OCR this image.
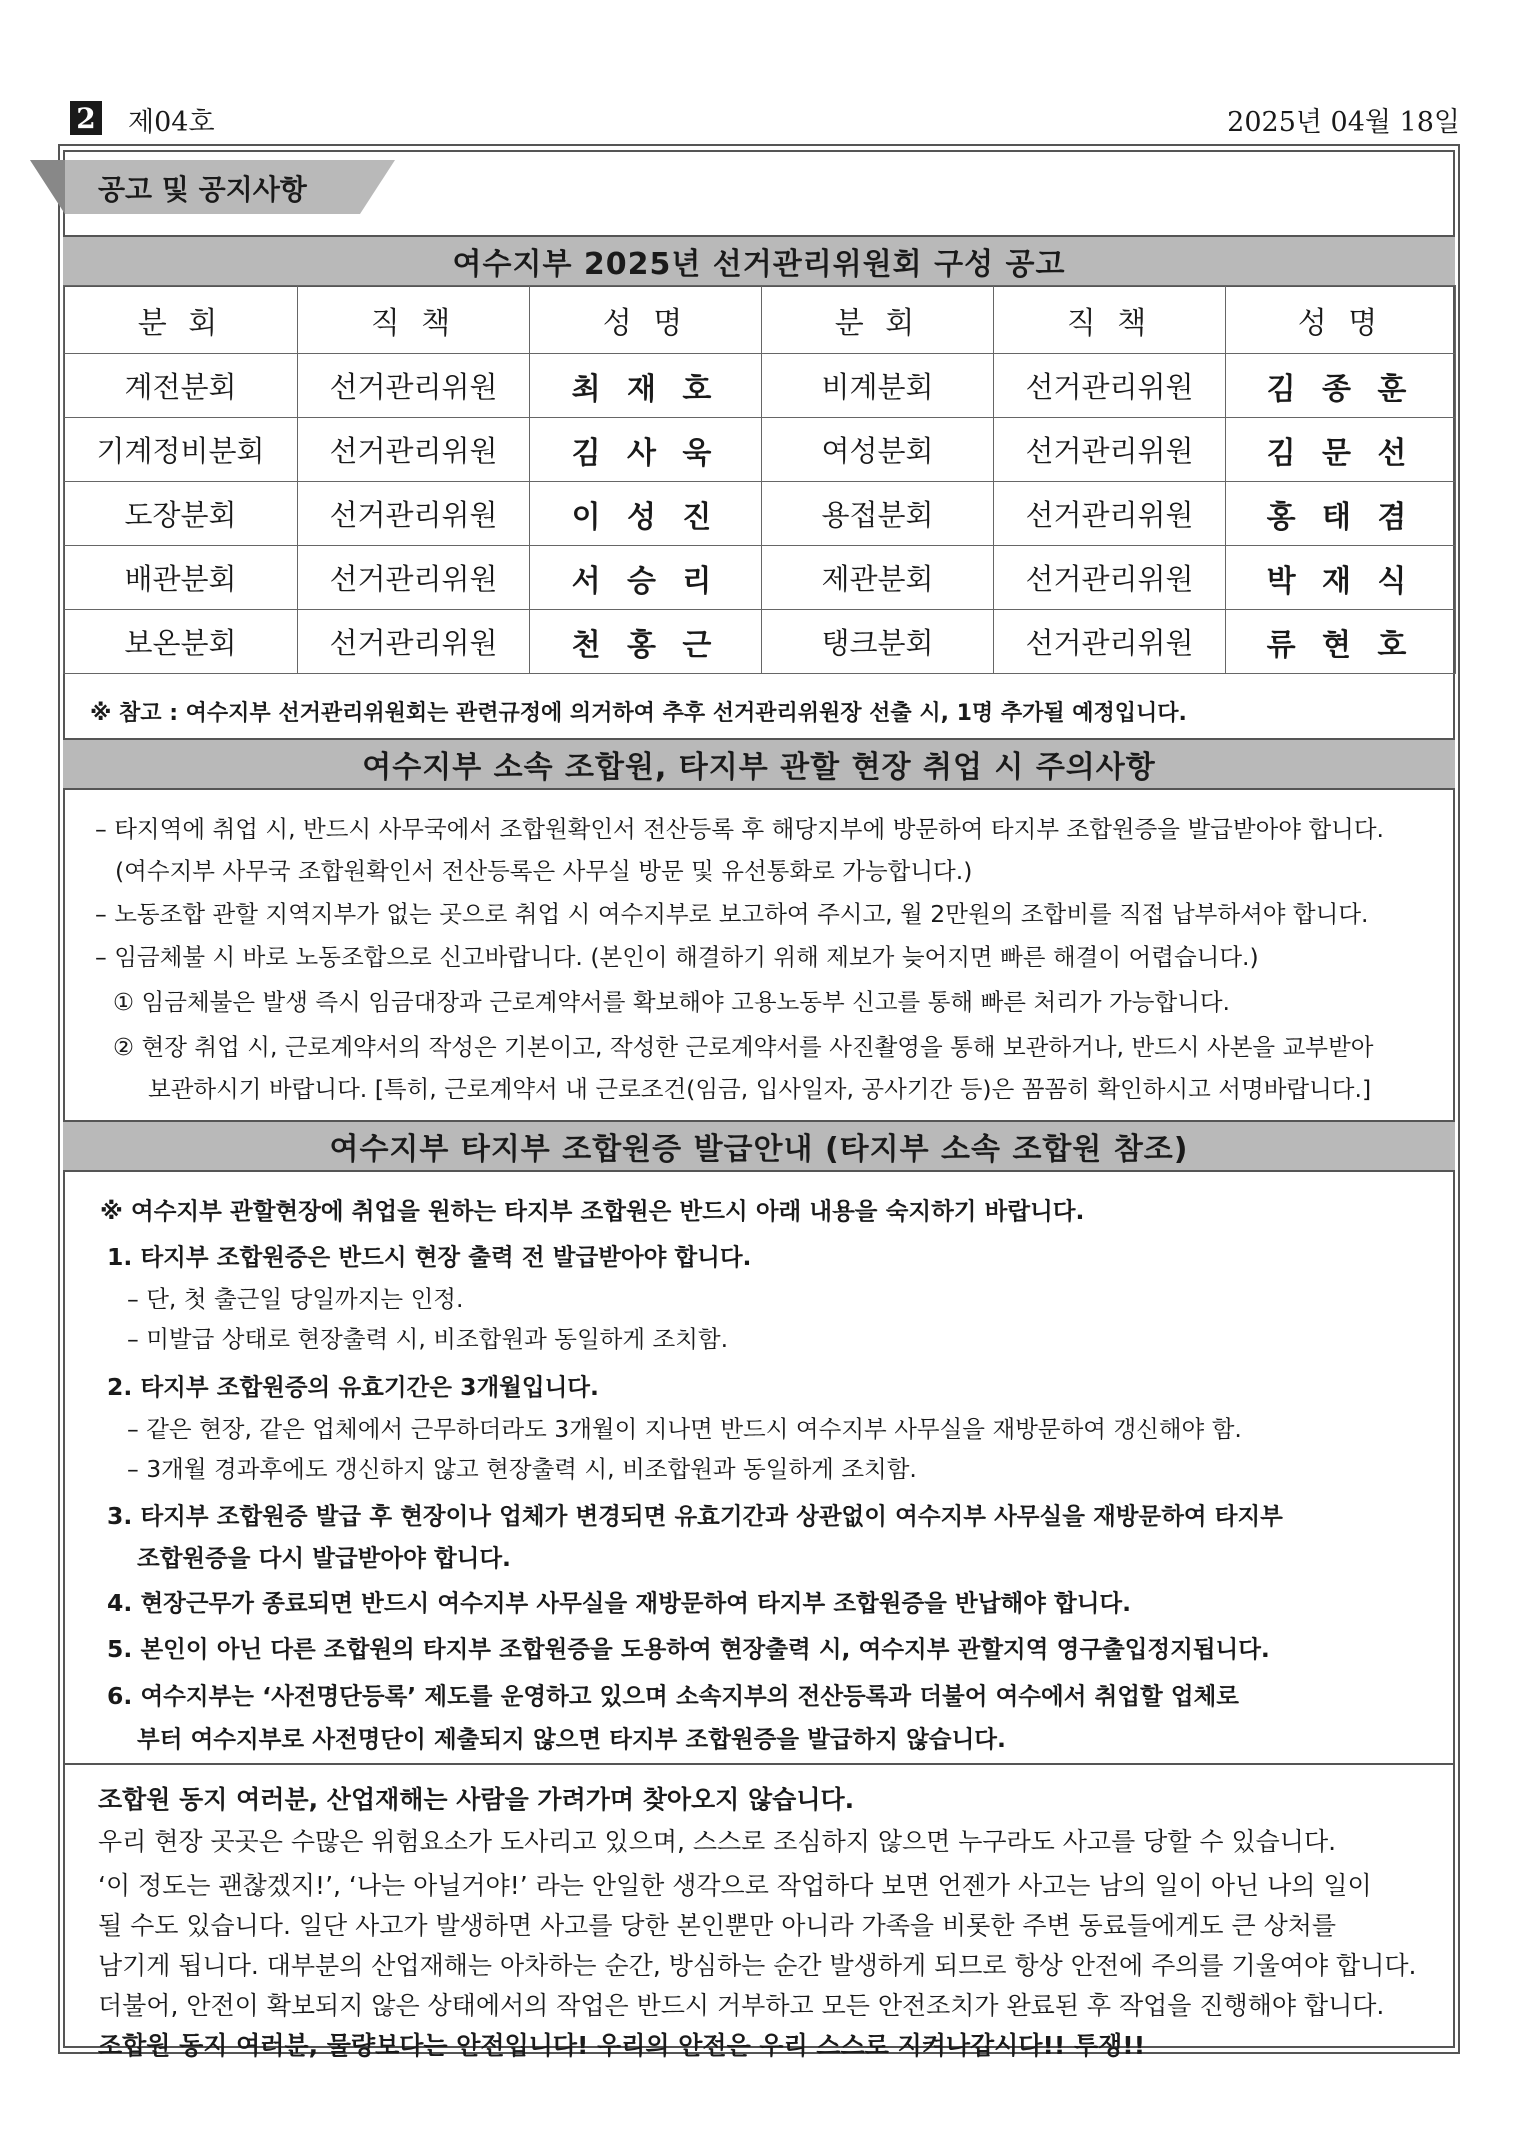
2 제04호	2025년 04월 18일
공고 및 공지사항
여수지부 2025년 선거관리위원회 구성 공고
분 회	직 책	성 명	분 회	직 책	성 명
계전분회	선거관리위원	최 재 호	비계분회	선거관리위원	김 종 훈
기계정비분회	선거관리위원	김 사 욱	여성분회	선거관리위원	김 문 선
도장분회	선거관리위원	이 성 진	용접분회	선거관리위원	홍 태 겸
배관분회	선거관리위원	서 승 리	제관분회	선거관리위원	박 재 식
보온분회	선거관리위원	천 홍 근	탱크분회	선거관리위원	류 현 호
※ 참고 : 여수지부 선거관리위원회는 관련규정에 의거하여 추후 선거관리위원장 선출 시, 1명 추가될 예정입니다.
여수지부 소속 조합원, 타지부 관할 현장 취업 시 주의사항
– 타지역에 취업 시, 반드시 사무국에서 조합원확인서 전산등록 후 해당지부에 방문하여 타지부 조합원증을 발급받아야 합니다.
(여수지부 사무국 조합원확인서 전산등록은 사무실 방문 및 유선통화로 가능합니다.)
– 노동조합 관할 지역지부가 없는 곳으로 취업 시 여수지부로 보고하여 주시고, 월 2만원의 조합비를 직접 납부하셔야 합니다.
– 임금체불 시 바로 노동조합으로 신고바랍니다. (본인이 해결하기 위해 제보가 늦어지면 빠른 해결이 어렵습니다.)
① 임금체불은 발생 즉시 임금대장과 근로계약서를 확보해야 고용노동부 신고를 통해 빠른 처리가 가능합니다.
② 현장 취업 시, 근로계약서의 작성은 기본이고, 작성한 근로계약서를 사진촬영을 통해 보관하거나, 반드시 사본을 교부받아
보관하시기 바랍니다. [특히, 근로계약서 내 근로조건(임금, 입사일자, 공사기간 등)은 꼼꼼히 확인하시고 서명바랍니다.]
여수지부 타지부 조합원증 발급안내 (타지부 소속 조합원 참조)
※ 여수지부 관할현장에 취업을 원하는 타지부 조합원은 반드시 아래 내용을 숙지하기 바랍니다.
1. 타지부 조합원증은 반드시 현장 출력 전 발급받아야 합니다.
– 단, 첫 출근일 당일까지는 인정.
– 미발급 상태로 현장출력 시, 비조합원과 동일하게 조치함.
2. 타지부 조합원증의 유효기간은 3개월입니다.
– 같은 현장, 같은 업체에서 근무하더라도 3개월이 지나면 반드시 여수지부 사무실을 재방문하여 갱신해야 함.
– 3개월 경과후에도 갱신하지 않고 현장출력 시, 비조합원과 동일하게 조치함.
3. 타지부 조합원증 발급 후 현장이나 업체가 변경되면 유효기간과 상관없이 여수지부 사무실을 재방문하여 타지부
조합원증을 다시 발급받아야 합니다.
4. 현장근무가 종료되면 반드시 여수지부 사무실을 재방문하여 타지부 조합원증을 반납해야 합니다.
5. 본인이 아닌 다른 조합원의 타지부 조합원증을 도용하여 현장출력 시, 여수지부 관할지역 영구출입정지됩니다.
6. 여수지부는 ‘사전명단등록’ 제도를 운영하고 있으며 소속지부의 전산등록과 더불어 여수에서 취업할 업체로
부터 여수지부로 사전명단이 제출되지 않으면 타지부 조합원증을 발급하지 않습니다.
조합원 동지 여러분, 산업재해는 사람을 가려가며 찾아오지 않습니다.
우리 현장 곳곳은 수많은 위험요소가 도사리고 있으며, 스스로 조심하지 않으면 누구라도 사고를 당할 수 있습니다.
‘이 정도는 괜찮겠지!’, ‘나는 아닐거야!’ 라는 안일한 생각으로 작업하다 보면 언젠가 사고는 남의 일이 아닌 나의 일이
될 수도 있습니다. 일단 사고가 발생하면 사고를 당한 본인뿐만 아니라 가족을 비롯한 주변 동료들에게도 큰 상처를
남기게 됩니다. 대부분의 산업재해는 아차하는 순간, 방심하는 순간 발생하게 되므로 항상 안전에 주의를 기울여야 합니다.
더불어, 안전이 확보되지 않은 상태에서의 작업은 반드시 거부하고 모든 안전조치가 완료된 후 작업을 진행해야 합니다.
조합원 동지 여러분, 물량보다는 안전입니다! 우리의 안전은 우리 스스로 지켜나갑시다!! 투쟁!!
